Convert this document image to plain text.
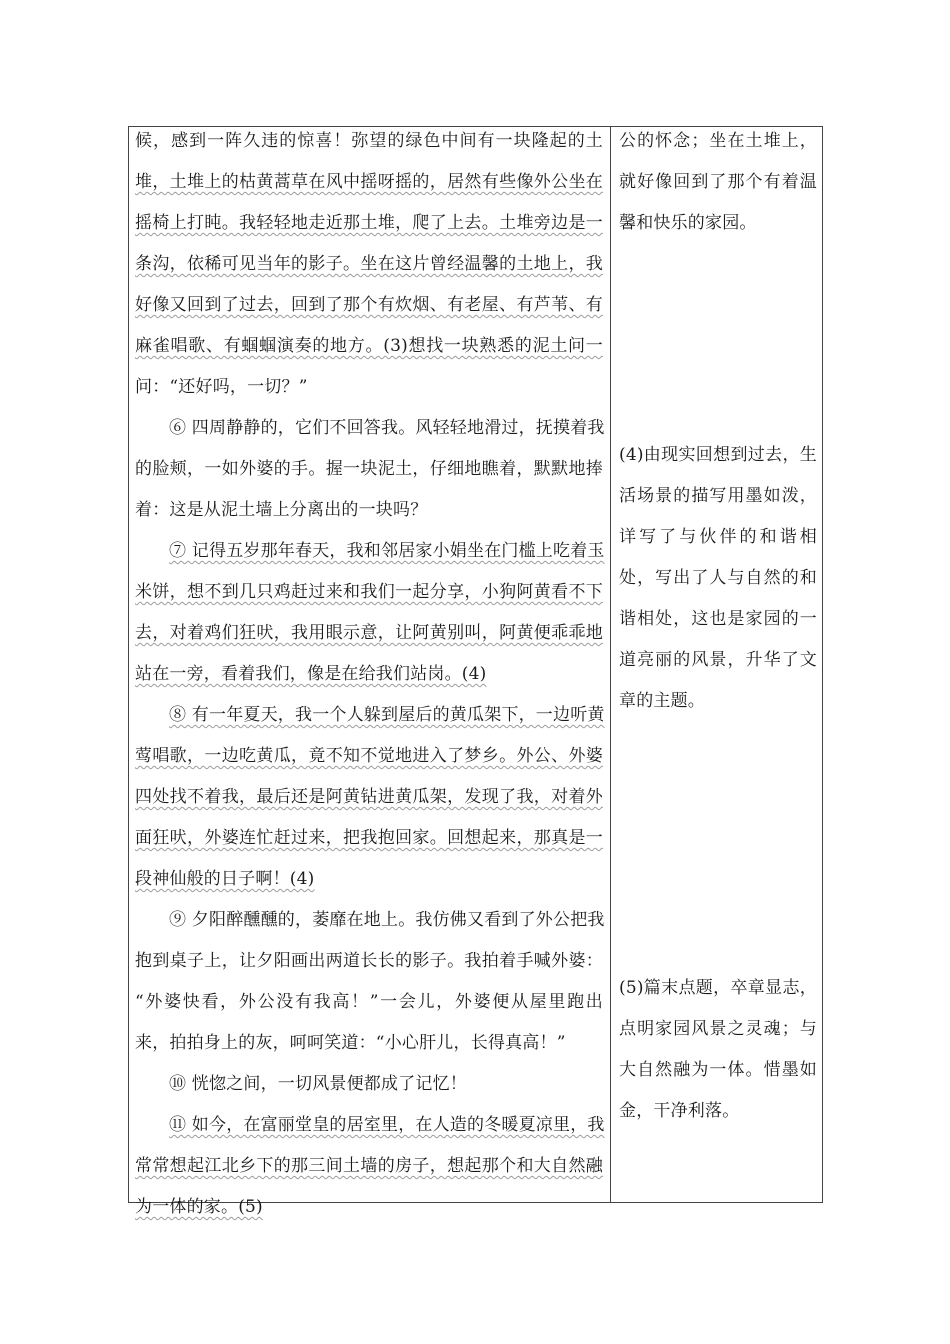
候，感到一阵久违的惊喜！弥望的绿色中间有一块隆起的土
堆，土堆上的枯黄蒿草在风中摇呀摇的，居然有些像外公坐在
摇椅上打盹。我轻轻地走近那土堆，爬了上去。土堆旁边是一
条沟，依稀可见当年的影子。坐在这片曾经温馨的土地上，我
好像又回到了过去，回到了那个有炊烟、有老屋、有芦苇、有
麻雀唱歌、有蝈蝈演奏的地方。(3)想找一块熟悉的泥土问一
问：“还好吗，一切？”
⑥ 四周静静的，它们不回答我。风轻轻地滑过，抚摸着我
的脸颊，一如外婆的手。握一块泥土，仔细地瞧着，默默地捧
着：这是从泥土墙上分离出的一块吗？
⑦ 记得五岁那年春天，我和邻居家小娟坐在门槛上吃着玉
米饼，想不到几只鸡赶过来和我们一起分享，小狗阿黄看不下
去，对着鸡们狂吠，我用眼示意，让阿黄别叫，阿黄便乖乖地
站在一旁，看着我们，像是在给我们站岗。(4)
⑧ 有一年夏天，我一个人躲到屋后的黄瓜架下，一边听黄
莺唱歌，一边吃黄瓜，竟不知不觉地进入了梦乡。外公、外婆
四处找不着我，最后还是阿黄钻进黄瓜架，发现了我，对着外
面狂吠，外婆连忙赶过来，把我抱回家。回想起来，那真是一
段神仙般的日子啊！(4)
⑨ 夕阳醉醺醺的，萎靡在地上。我仿佛又看到了外公把我
抱到桌子上，让夕阳画出两道长长的影子。我拍着手喊外婆：
“外婆快看，外公没有我高！”一会儿，外婆便从屋里跑出
来，拍拍身上的灰，呵呵笑道：“小心肝儿，长得真高！”
⑩ 恍惚之间，一切风景便都成了记忆！
⑪ 如今，在富丽堂皇的居室里，在人造的冬暖夏凉里，我
常常想起江北乡下的那三间土墙的房子，想起那个和大自然融
为一体的家。(5)
公的怀念；坐在土堆上，
就好像回到了那个有着温
馨和快乐的家园。
(4)由现实回想到过去，生
活场景的描写用墨如泼，
详写了与伙伴的和谐相
处，写出了人与自然的和
谐相处，这也是家园的一
道亮丽的风景，升华了文
章的主题。
(5)篇末点题，卒章显志，
点明家园风景之灵魂；与
大自然融为一体。惜墨如
金，干净利落。
